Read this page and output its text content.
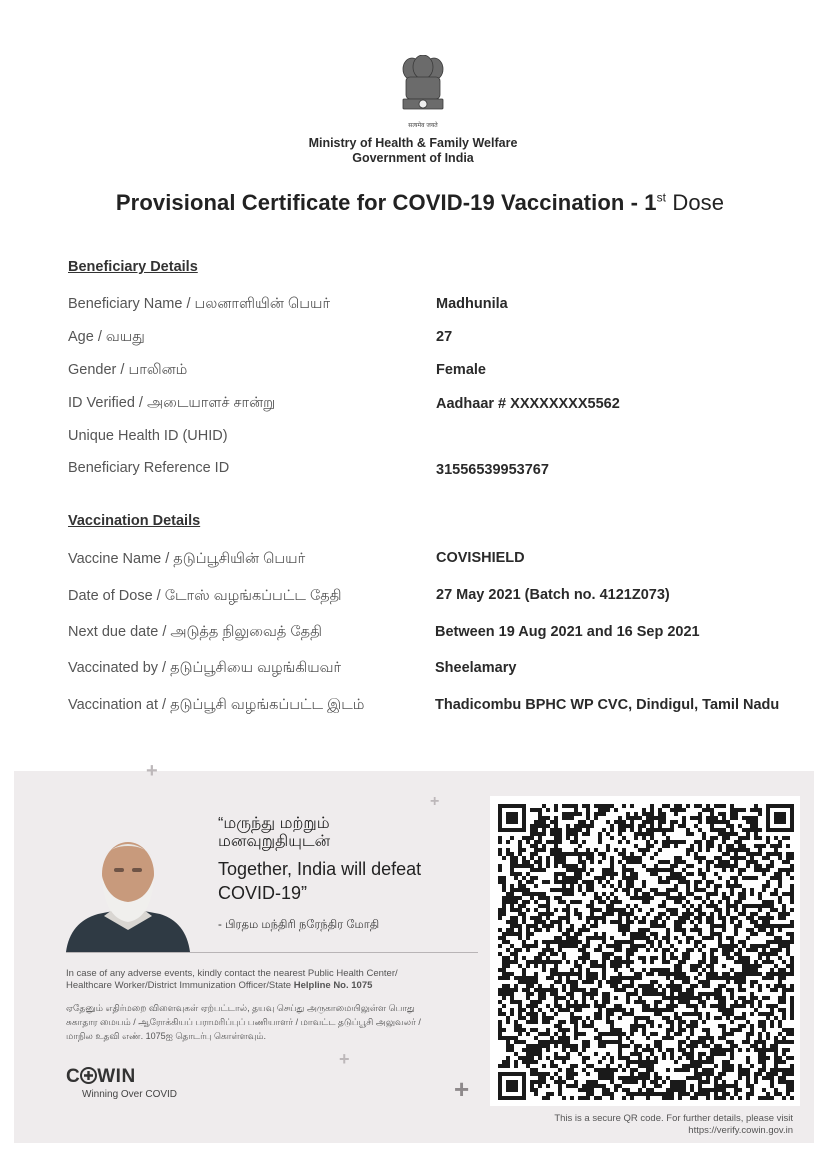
सत्यमेव जयते
Ministry of Health & Family Welfare
Government of India
Provisional Certificate for COVID-19 Vaccination - 1st Dose
Beneficiary Details
Beneficiary Name / பலனாளியின் பெயர்	Madhunila
Age / வயது	27
Gender / பாலினம்	Female
ID Verified / அடையாளச் சான்று	Aadhaar # XXXXXXXX5562
Unique Health ID (UHID)
Beneficiary Reference ID	31556539953767
Vaccination Details
Vaccine Name / தடுப்பூசியின் பெயர்	COVISHIELD
Date of Dose / டோஸ் வழங்கப்பட்ட தேதி	27 May 2021 (Batch no. 4121Z073)
Next due date / அடுத்த நிலுவைத் தேதி	Between 19 Aug 2021 and 16 Sep 2021
Vaccinated by / தடுப்பூசியை வழங்கியவர்	Sheelamary
Vaccination at / தடுப்பூசி வழங்கப்பட்ட இடம்	Thadicombu BPHC WP CVC, Dindigul, Tamil Nadu
+
+
+
+
“மருந்து மற்றும்
மனவுறுதியுடன்
Together, India will defeat
COVID-19”
- பிரதம மந்திரி நரேந்திர மோதி
In case of any adverse events, kindly contact the nearest Public Health Center/
Healthcare Worker/District Immunization Officer/State Helpline No. 1075
ஏதேனும் எதிர்மறை விளைவுகள் ஏற்பட்டால், தயவு செய்து அருகாமையிலுள்ள பொது
சுகாதார மையம் / ஆரோக்கியப் பராமரிப்புப் பணியாளர் / மாவட்ட தடுப்பூசி அலுவலர் /
மாநில உதவி எண். 1075ஐ தொடர்பு கொள்ளவும்.
C WIN
Winning Over COVID
This is a secure QR code. For further details, please visit
https://verify.cowin.gov.in
